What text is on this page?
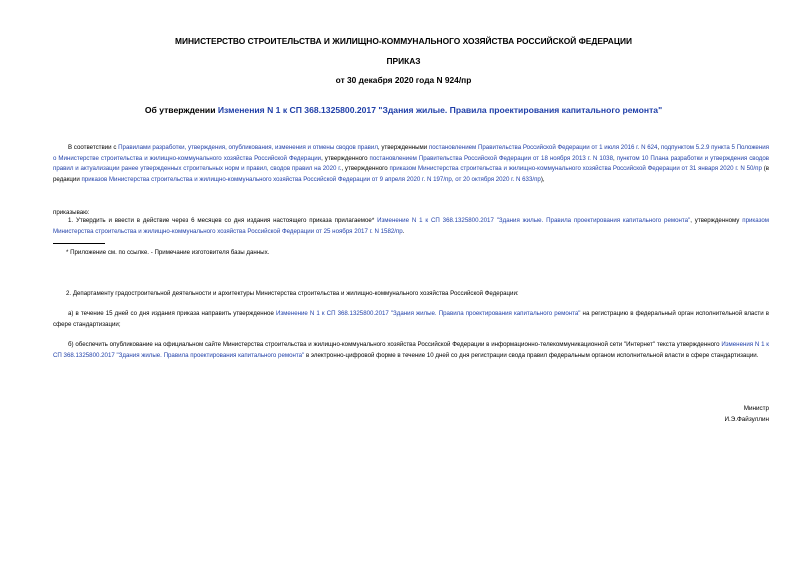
МИНИСТЕРСТВО СТРОИТЕЛЬСТВА И ЖИЛИЩНО-КОММУНАЛЬНОГО ХОЗЯЙСТВА РОССИЙСКОЙ ФЕДЕРАЦИИ
ПРИКАЗ
от 30 декабря 2020 года N 924/пр
Об утверждении Изменения N 1 к СП 368.1325800.2017 "Здания жилые. Правила проектирования капитального ремонта"
В соответствии с Правилами разработки, утверждения, опубликования, изменения и отмены сводов правил, утвержденными постановлением Правительства Российской Федерации от 1 июля 2016 г. N 624, подпунктом 5.2.9 пункта 5 Положения о Министерстве строительства и жилищно-коммунального хозяйства Российской Федерации, утвержденного постановлением Правительства Российской Федерации от 18 ноября 2013 г. N 1038, пунктом 10 Плана разработки и утверждения сводов правил и актуализации ранее утвержденных строительных норм и правил, сводов правил на 2020 г., утвержденного приказом Министерства строительства и жилищно-коммунального хозяйства Российской Федерации от 31 января 2020 г. N 50/пр (в редакции приказов Министерства строительства и жилищно-коммунального хозяйства Российской Федерации от 9 апреля 2020 г. N 197/пр, от 20 октября 2020 г. N 633/пр),
приказываю:
1. Утвердить и ввести в действие через 6 месяцев со дня издания настоящего приказа прилагаемое* Изменение N 1 к СП 368.1325800.2017 "Здания жилые. Правила проектирования капитального ремонта", утвержденному приказом Министерства строительства и жилищно-коммунального хозяйства Российской Федерации от 25 ноября 2017 г. N 1582/пр.
* Приложение см. по ссылке. - Примечание изготовителя базы данных.
2. Департаменту градостроительной деятельности и архитектуры Министерства строительства и жилищно-коммунального хозяйства Российской Федерации:
а) в течение 15 дней со дня издания приказа направить утвержденное Изменение N 1 к СП 368.1325800.2017 "Здания жилые. Правила проектирования капитального ремонта" на регистрацию в федеральный орган исполнительной власти в сфере стандартизации;
б) обеспечить опубликование на официальном сайте Министерства строительства и жилищно-коммунального хозяйства Российской Федерации в информационно-телекоммуникационной сети "Интернет" текста утвержденного Изменения N 1 к СП 368.1325800.2017 "Здания жилые. Правила проектирования капитального ремонта" в электронно-цифровой форме в течение 10 дней со дня регистрации свода правил федеральным органом исполнительной власти в сфере стандартизации.
Министр
И.Э.Файзуллин
